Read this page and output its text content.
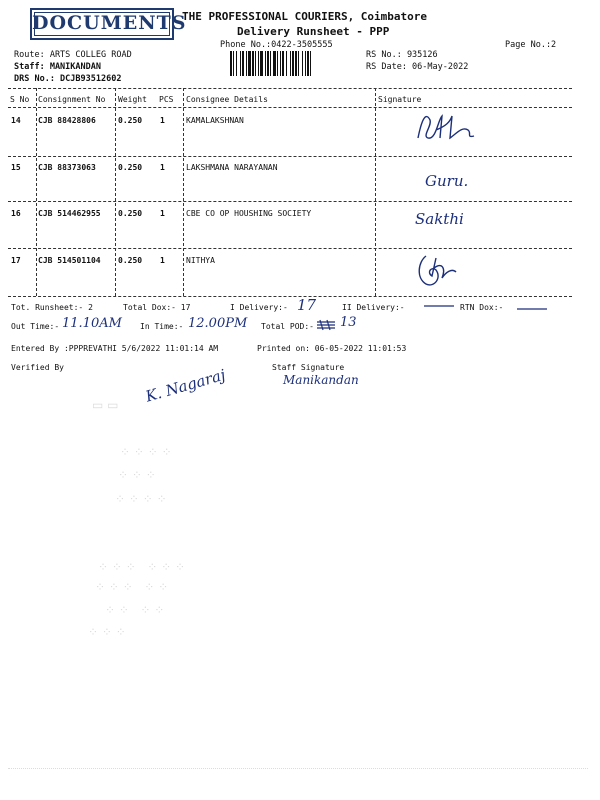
DOCUMENTS
THE PROFESSIONAL COURIERS, Coimbatore
Delivery Runsheet - PPP
Phone No.:0422-3505555	Page No.:2
Route: ARTS COLLEG ROAD
Staff: MANIKANDAN
DRS No.: DCJB93512602
RS No.: 935126
RS Date: 06-May-2022
S No Consignment No Weight PCS Consignee Details	Signature
14 CJB 88428806	0.250 1	KAMALAKSHNAN
15 CJB 88373063	0.250 1	LAKSHMANA NARAYANAN
Guru.
16 CJB 514462955 0.250 1	CBE CO OP HOUSHING SOCIETY	Sakthi
17 CJB 514501104 0.250 1	NITHYA
Tot. Runsheet:- 2	Total Dox:- 17	I Delivery:- 17	II Delivery:-	RTN Dox:-
Out Time:- 11.10AM In Time:- 12.00PM Total POD:- 13
Entered By :PPPREVATHI 5/6/2022 11:01:14 AM	Printed on: 06-05-2022 11:01:53
Verified By	Staff Signature
Manikandan
K. Nagaraj
▭ ▭
⁘ ⁘ ⁘ ⁘
⁘ ⁘ ⁘
⁘ ⁘ ⁘ ⁘
⁘ ⁘ ⁘   ⁘ ⁘ ⁘
⁘ ⁘ ⁘   ⁘ ⁘
⁘ ⁘   ⁘ ⁘
⁘ ⁘ ⁘
